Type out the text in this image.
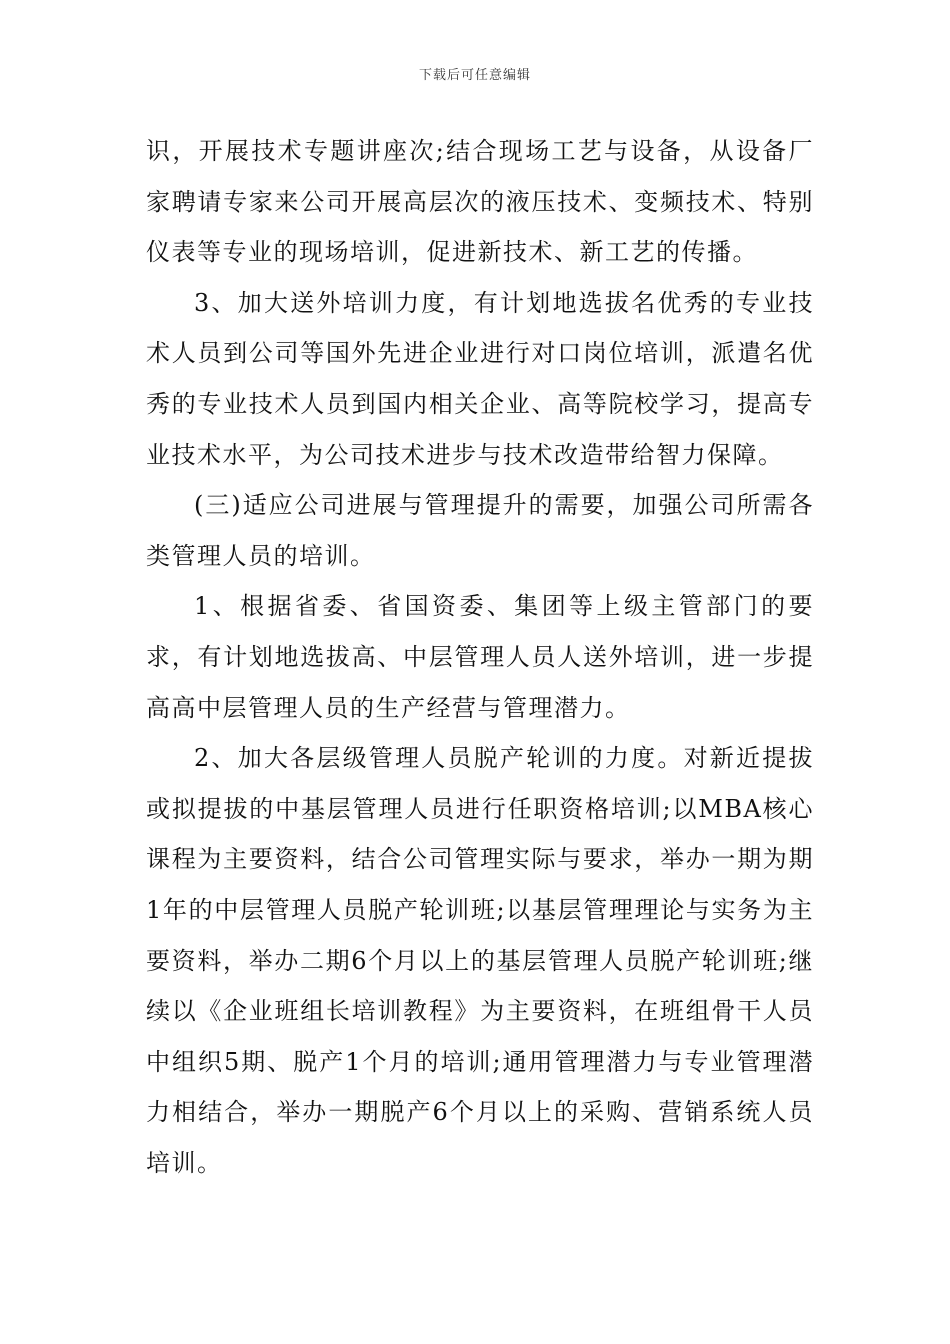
下载后可任意编辑

识，开展技术专题讲座次;结合现场工艺与设备，从设备厂家聘请专家来公司开展高层次的液压技术、变频技术、特别仪表等专业的现场培训，促进新技术、新工艺的传播。

3、加大送外培训力度，有计划地选拔名优秀的专业技术人员到公司等国外先进企业进行对口岗位培训，派遣名优秀的专业技术人员到国内相关企业、高等院校学习，提高专业技术水平，为公司技术进步与技术改造带给智力保障。

(三)适应公司进展与管理提升的需要，加强公司所需各类管理人员的培训。

1、根据省委、省国资委、集团等上级主管部门的要求，有计划地选拔高、中层管理人员人送外培训，进一步提高高中层管理人员的生产经营与管理潜力。

2、加大各层级管理人员脱产轮训的力度。对新近提拔或拟提拔的中基层管理人员进行任职资格培训;以MBA核心课程为主要资料，结合公司管理实际与要求，举办一期为期1年的中层管理人员脱产轮训班;以基层管理理论与实务为主要资料，举办二期6个月以上的基层管理人员脱产轮训班;继续以《企业班组长培训教程》为主要资料，在班组骨干人员中组织5期、脱产1个月的培训;通用管理潜力与专业管理潜力相结合，举办一期脱产6个月以上的采购、营销系统人员培训。
